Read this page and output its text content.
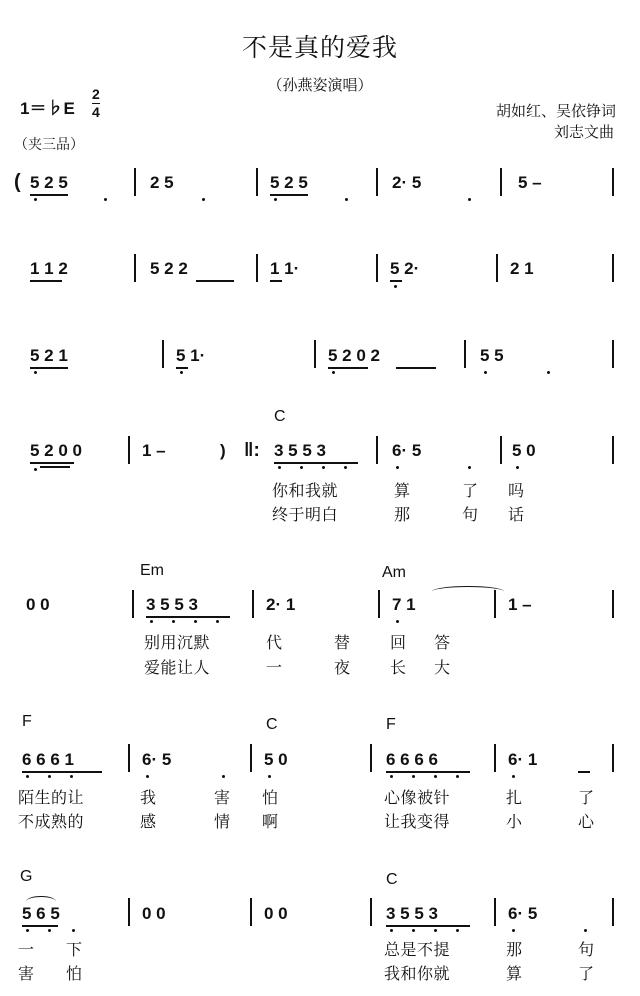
不是真的爱我
（孙燕姿演唱）
1＝♭E
2
4
（夹三品）
胡如红、吴依铮词
刘志文曲
( 5 2 5	2 5	5 2 5	2· 5	5 –
1 1 2	5 2 2	1 1·	5 2·	2 1
5 2 1	5 1·	5 2 0 2	5 5
C
5 2 0 0	1 –	) ‖: 3 5 5 3	6· 5	5 0
你和我就	算	了 吗
终于明白	那	句 话
Em	Am
0 0	3 5 5 3	2· 1	7 1	1 –
别用沉默	代	替 回 答
爱能让人	一	夜 长 大
F	C	F
6 6 6 1	6· 5	5 0	6 6 6 6	6· 1
陌生的让	我	害 怕	心像被针	扎	了
不成熟的	感	情 啊	让我变得	小	心
G	C
5 6 5	0 0	0 0	3 5 5 3	6· 5
一 下	总是不提	那	句
害 怕	我和你就	算	了
